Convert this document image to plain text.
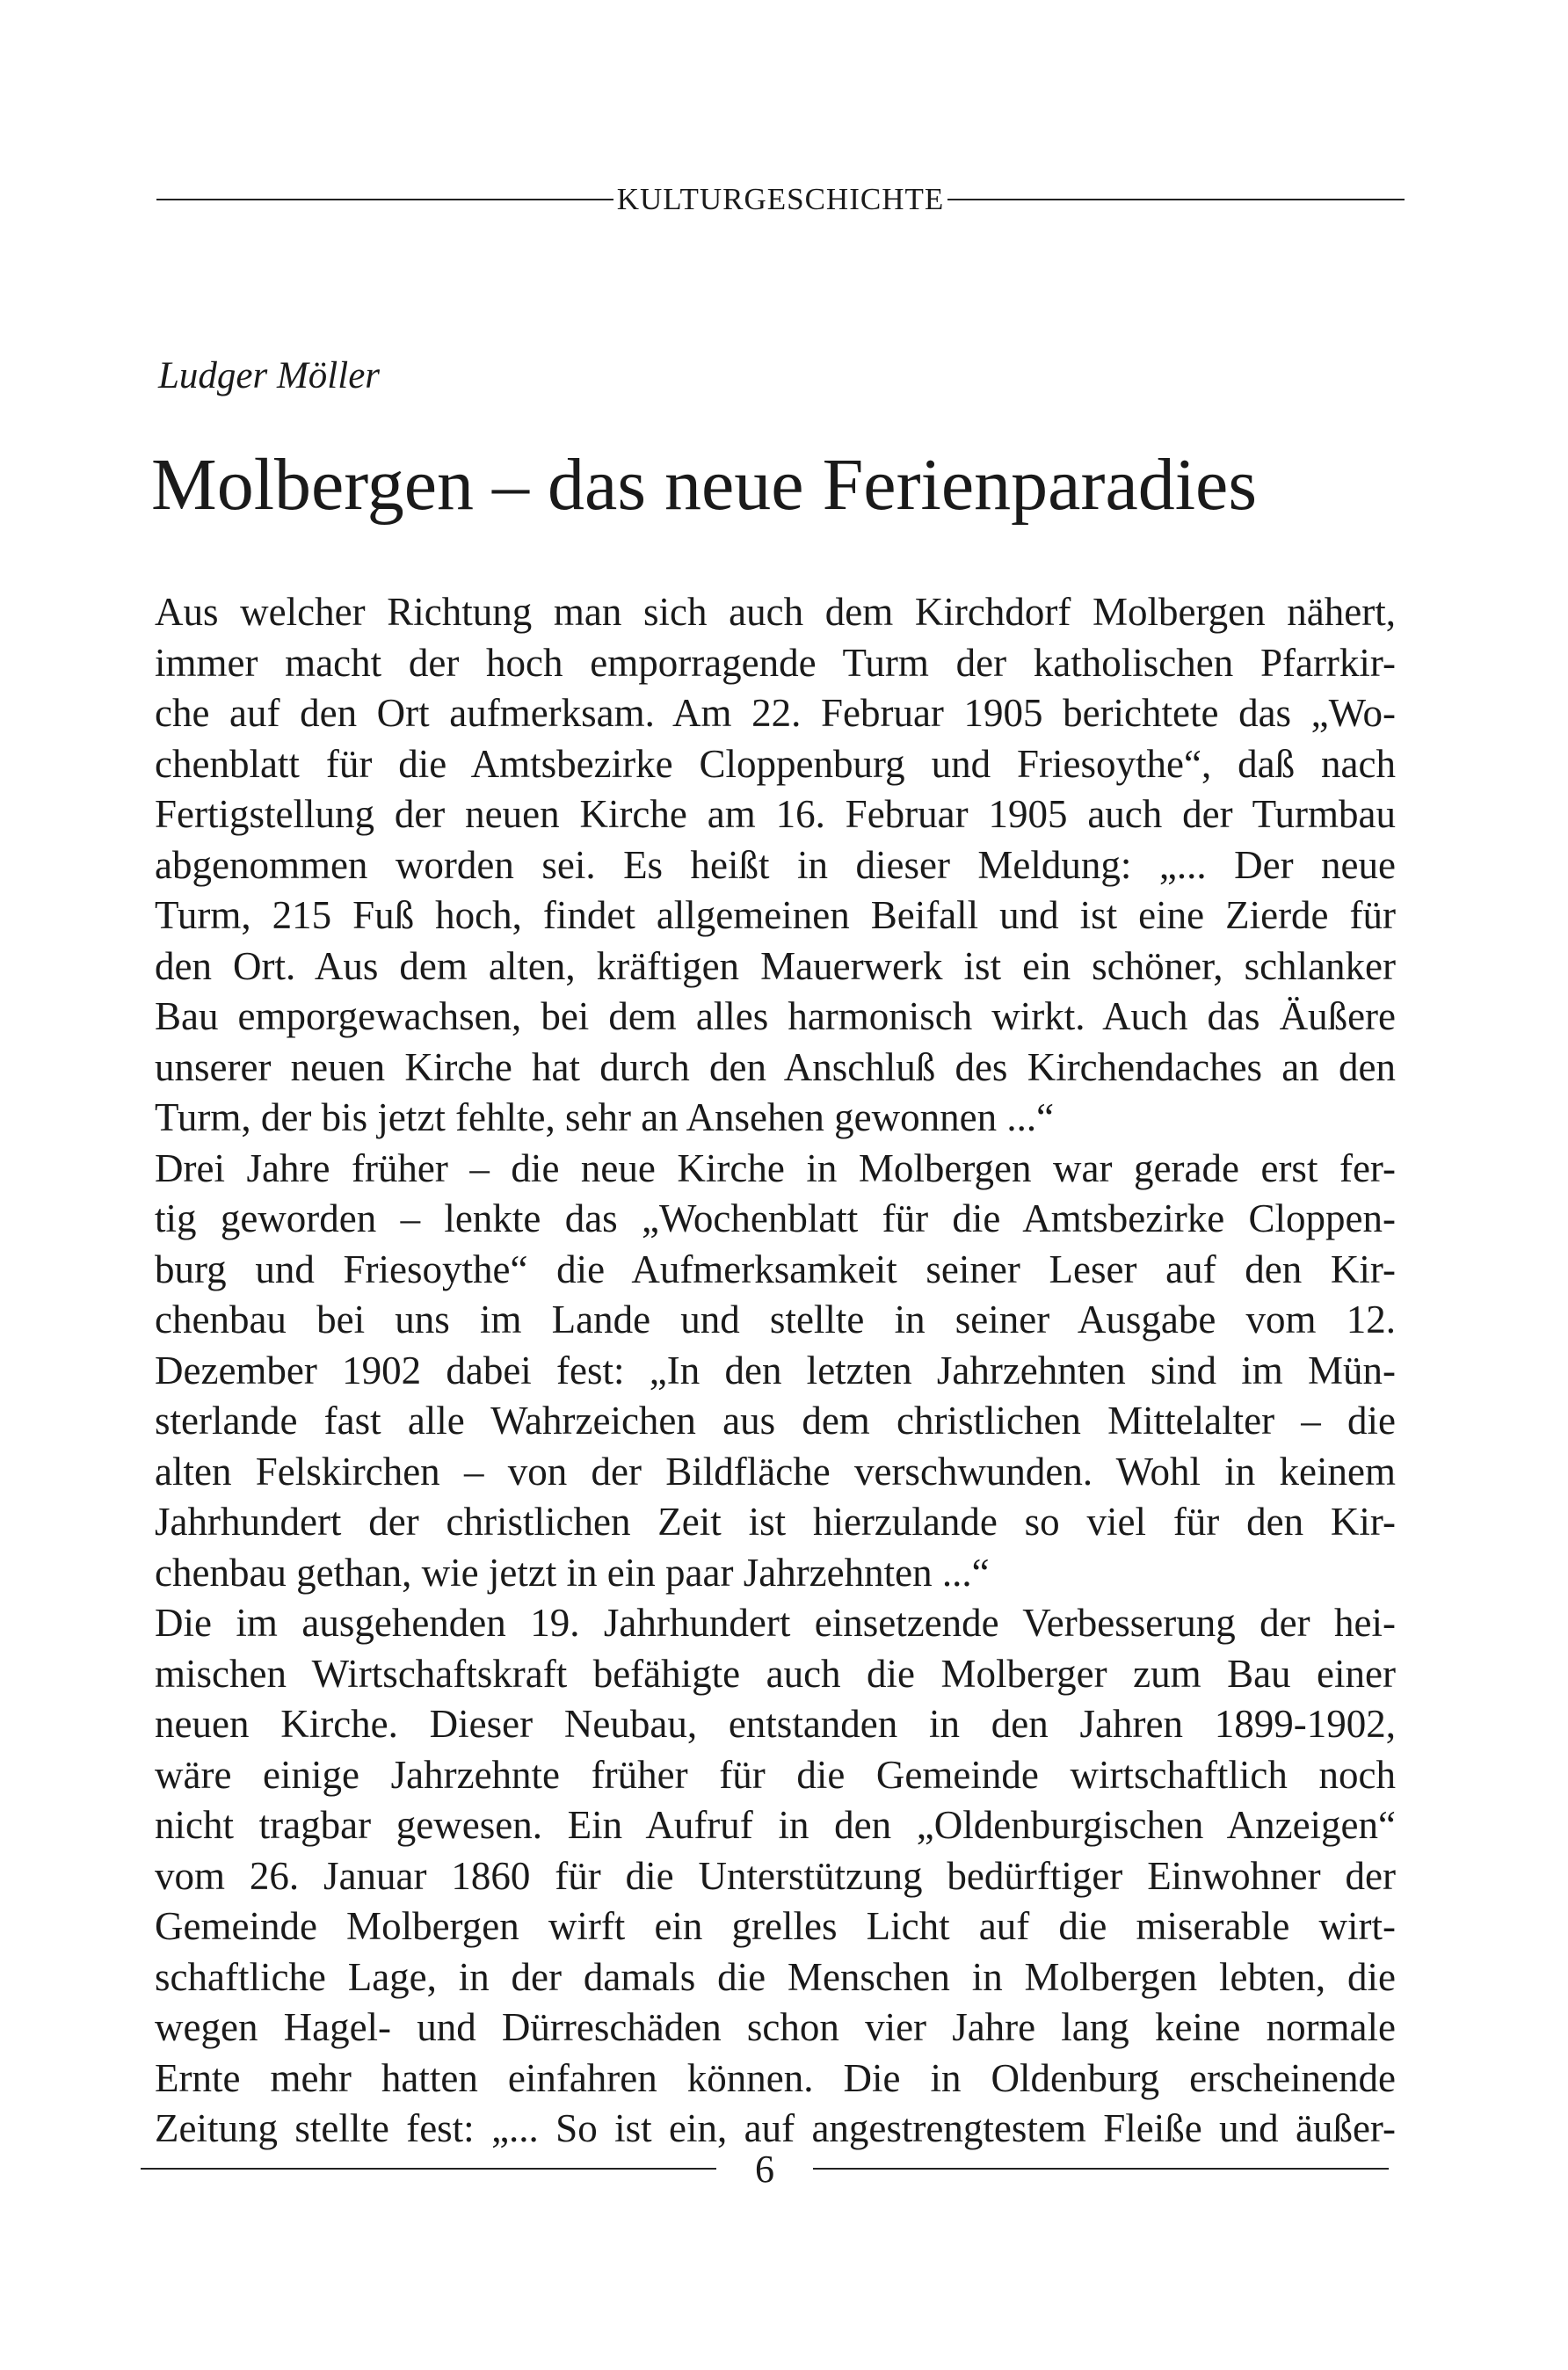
KULTURGESCHICHTE
Ludger Möller
Molbergen – das neue Ferienparadies
Aus welcher Richtung man sich auch dem Kirchdorf Molbergen nähert,
immer macht der hoch emporragende Turm der katholischen Pfarrkir-
che auf den Ort aufmerksam. Am 22. Februar 1905 berichtete das „Wo-
chenblatt für die Amtsbezirke Cloppenburg und Friesoythe“, daß nach
Fertigstellung der neuen Kirche am 16. Februar 1905 auch der Turmbau
abgenommen worden sei. Es heißt in dieser Meldung: „... Der neue
Turm, 215 Fuß hoch, findet allgemeinen Beifall und ist eine Zierde für
den Ort. Aus dem alten, kräftigen Mauerwerk ist ein schöner, schlanker
Bau emporgewachsen, bei dem alles harmonisch wirkt. Auch das Äußere
unserer neuen Kirche hat durch den Anschluß des Kirchendaches an den
Turm, der bis jetzt fehlte, sehr an Ansehen gewonnen ...“
Drei Jahre früher – die neue Kirche in Molbergen war gerade erst fer-
tig geworden – lenkte das „Wochenblatt für die Amtsbezirke Cloppen-
burg und Friesoythe“ die Aufmerksamkeit seiner Leser auf den Kir-
chenbau bei uns im Lande und stellte in seiner Ausgabe vom 12.
Dezember 1902 dabei fest: „In den letzten Jahrzehnten sind im Mün-
sterlande fast alle Wahrzeichen aus dem christlichen Mittelalter – die
alten Felskirchen – von der Bildfläche verschwunden. Wohl in keinem
Jahrhundert der christlichen Zeit ist hierzulande so viel für den Kir-
chenbau gethan, wie jetzt in ein paar Jahrzehnten ...“
Die im ausgehenden 19. Jahrhundert einsetzende Verbesserung der hei-
mischen Wirtschaftskraft befähigte auch die Molberger zum Bau einer
neuen Kirche. Dieser Neubau, entstanden in den Jahren 1899-1902,
wäre einige Jahrzehnte früher für die Gemeinde wirtschaftlich noch
nicht tragbar gewesen. Ein Aufruf in den „Oldenburgischen Anzeigen“
vom 26. Januar 1860 für die Unterstützung bedürftiger Einwohner der
Gemeinde Molbergen wirft ein grelles Licht auf die miserable wirt-
schaftliche Lage, in der damals die Menschen in Molbergen lebten, die
wegen Hagel- und Dürreschäden schon vier Jahre lang keine normale
Ernte mehr hatten einfahren können. Die in Oldenburg erscheinende
Zeitung stellte fest: „... So ist ein, auf angestrengtestem Fleiße und äußer-
6
